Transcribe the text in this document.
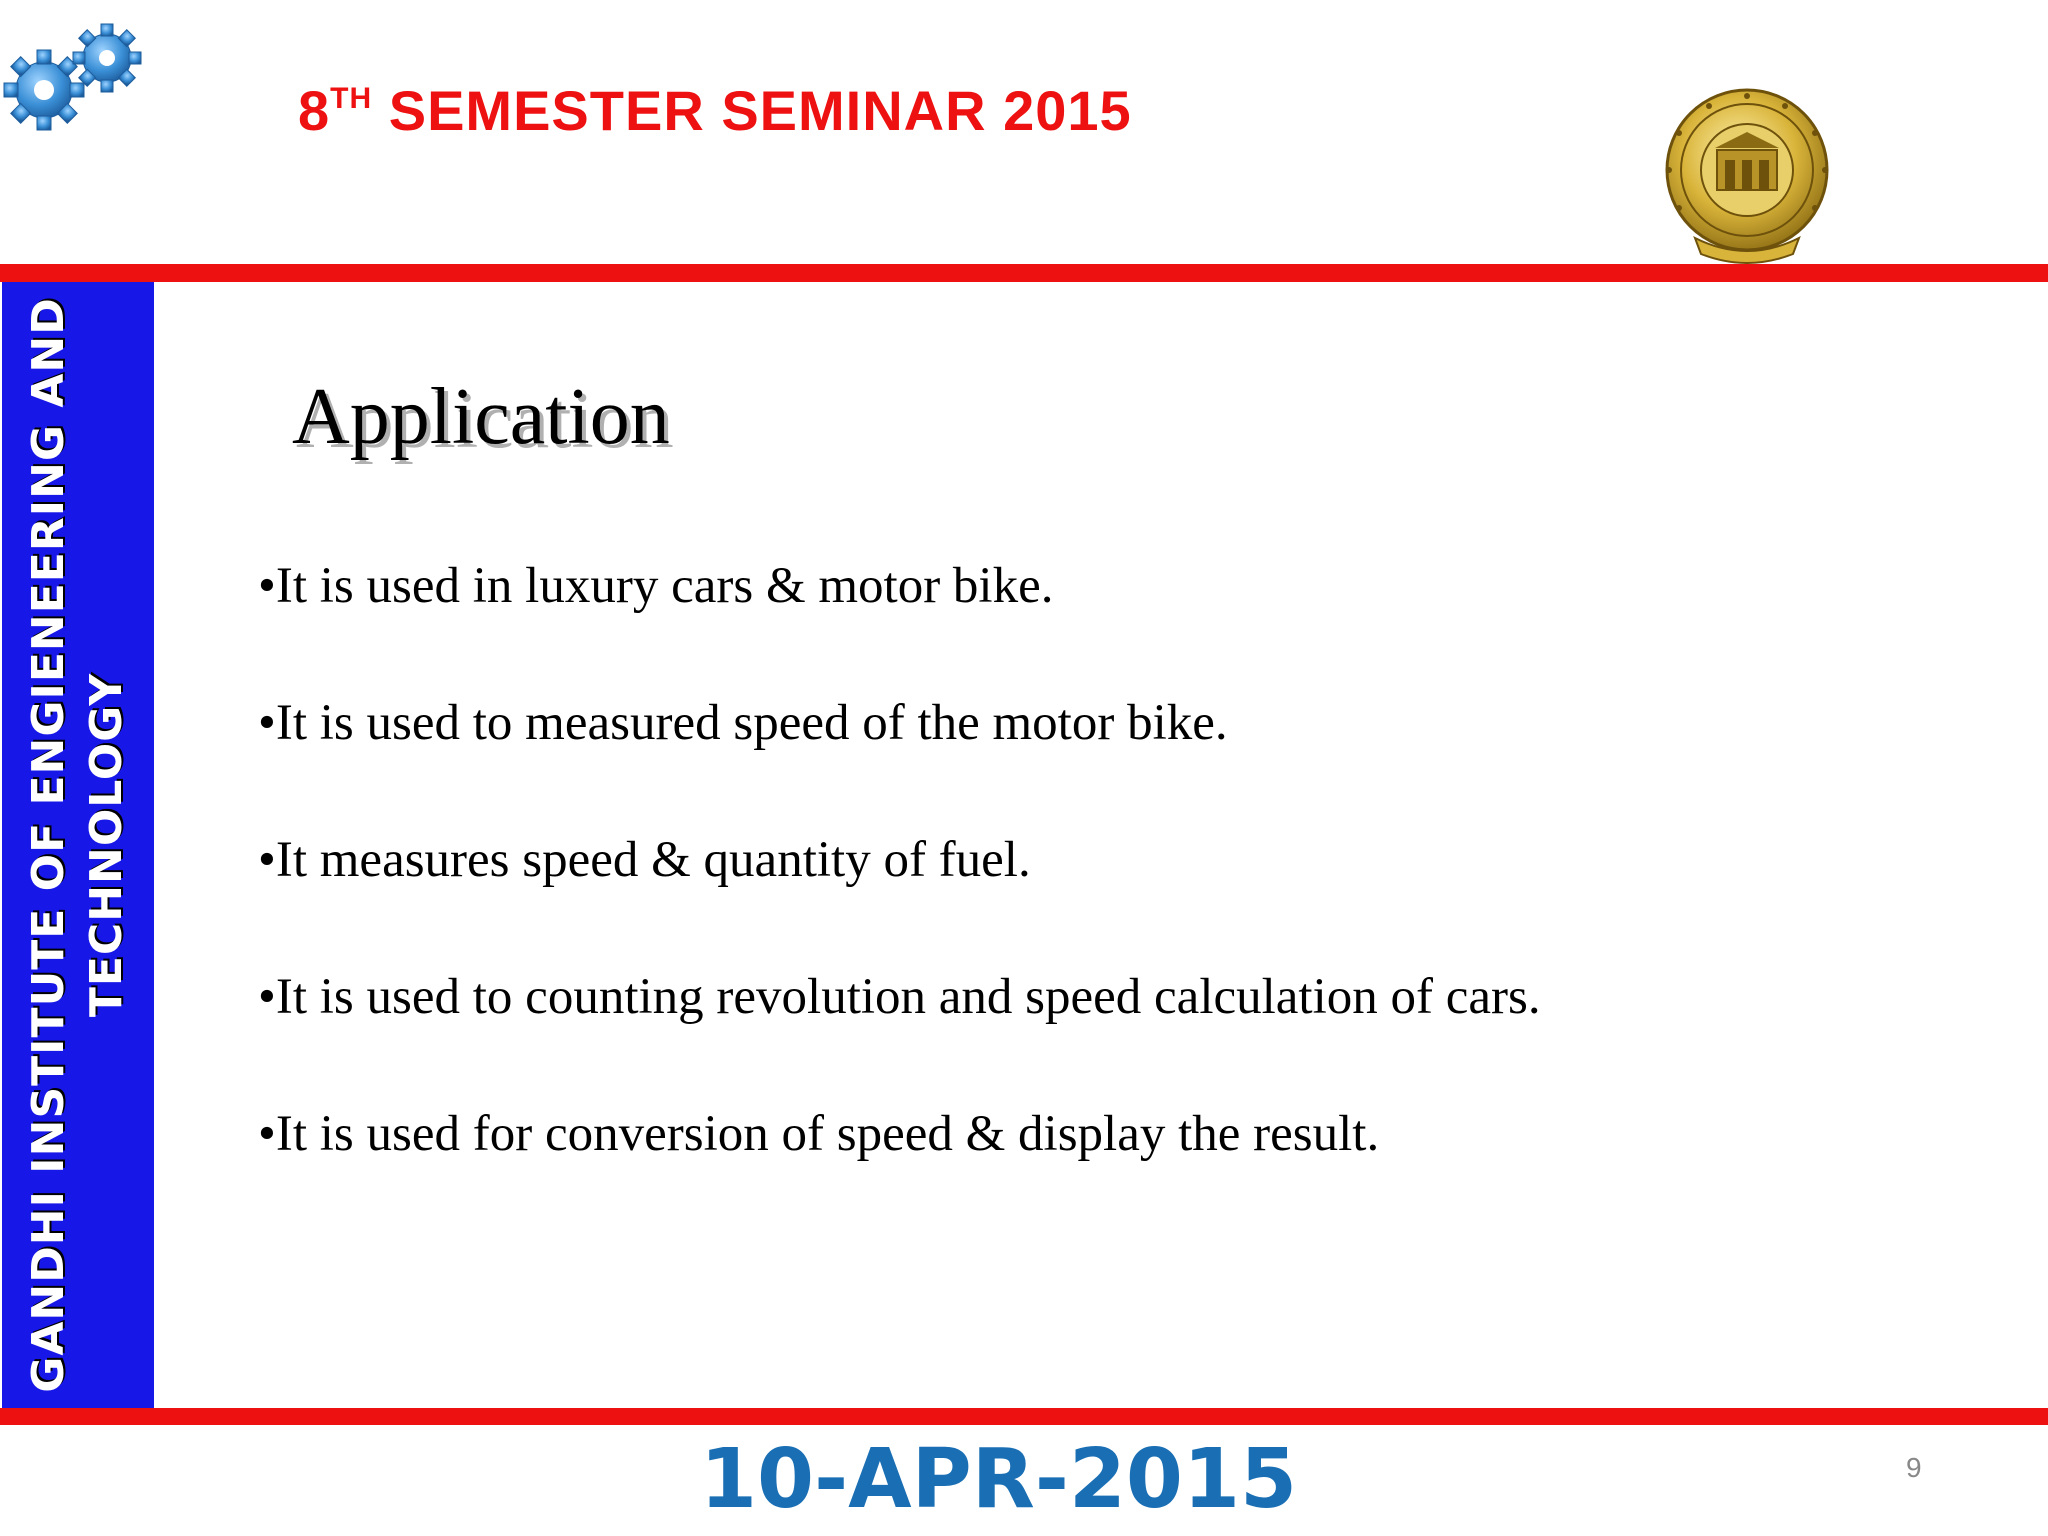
8TH SEMESTER SEMINAR 2015
GANDHI INSTITUTE OF ENGIENEERING AND TECHNOLOGY
Application
•It is used in luxury cars & motor bike.
•It is used to measured speed of the motor bike.
•It measures speed & quantity of fuel.
•It is used to counting revolution and speed calculation of cars.
•It is used for conversion of speed & display the result.
10-APR-2015	9
